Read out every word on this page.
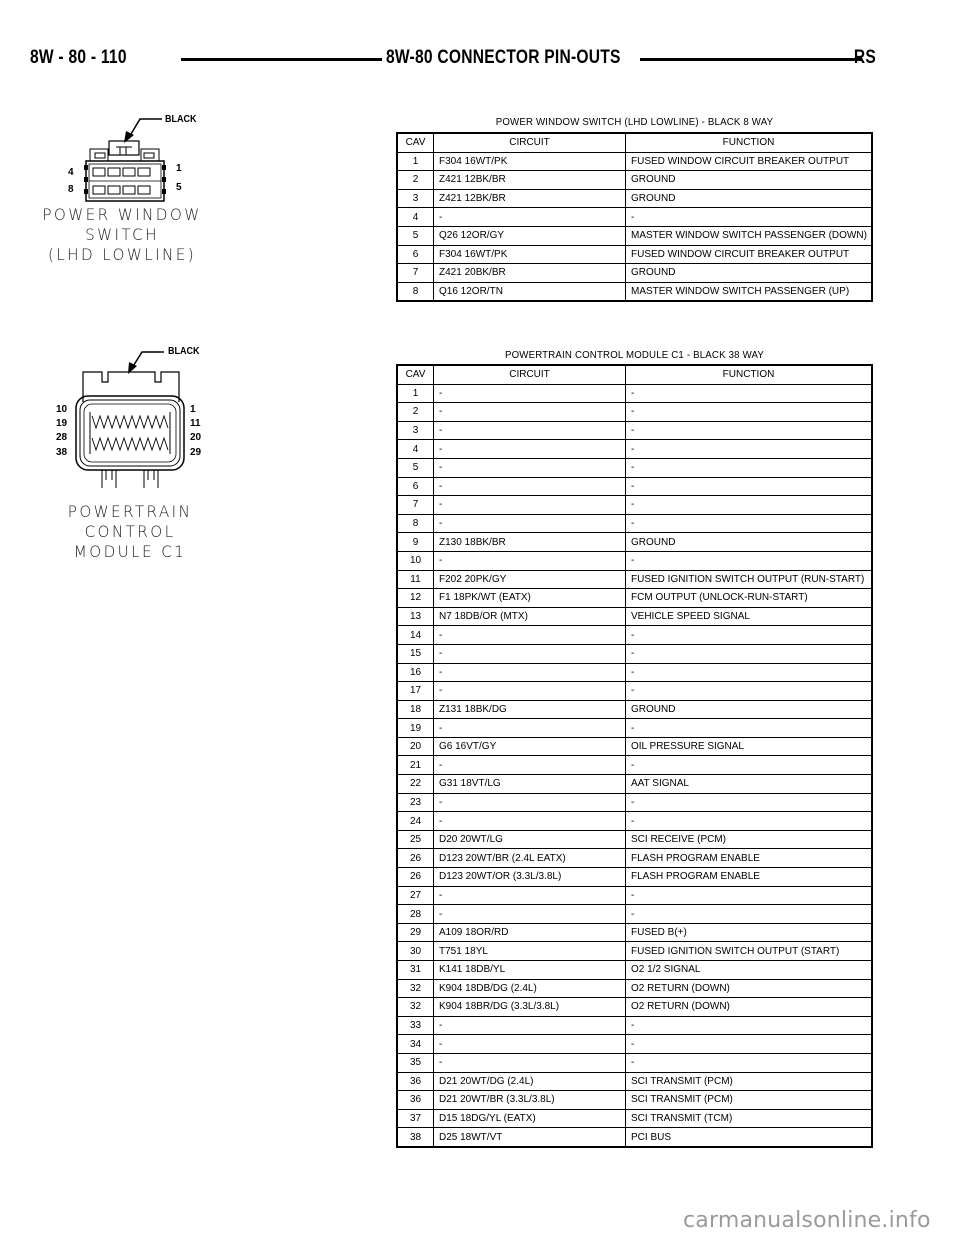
8W - 80 - 110	8W-80 CONNECTOR PIN-OUTS	RS
BLACK
4
8
1
5
POWER WINDOW
SWITCH
(LHD LOWLINE)
POWER WINDOW SWITCH (LHD LOWLINE) - BLACK 8 WAY
CAV	CIRCUIT	FUNCTION
1	F304 16WT/PK	FUSED WINDOW CIRCUIT BREAKER OUTPUT
2	Z421 12BK/BR	GROUND
3	Z421 12BK/BR	GROUND
4	-	-
5	Q26 12OR/GY	MASTER WINDOW SWITCH PASSENGER (DOWN)
6	F304 16WT/PK	FUSED WINDOW CIRCUIT BREAKER OUTPUT
7	Z421 20BK/BR	GROUND
8	Q16 12OR/TN	MASTER WINDOW SWITCH PASSENGER (UP)
BLACK
10
19
28
38
1
11
20
29
POWERTRAIN
CONTROL
MODULE C1
POWERTRAIN CONTROL MODULE C1 - BLACK 38 WAY
CAV	CIRCUIT	FUNCTION
1	-	-
2	-	-
3	-	-
4	-	-
5	-	-
6	-	-
7	-	-
8	-	-
9	Z130 18BK/BR	GROUND
10	-	-
11	F202 20PK/GY	FUSED IGNITION SWITCH OUTPUT (RUN-START)
12	F1 18PK/WT (EATX)	FCM OUTPUT (UNLOCK-RUN-START)
13	N7 18DB/OR (MTX)	VEHICLE SPEED SIGNAL
14	-	-
15	-	-
16	-	-
17	-	-
18	Z131 18BK/DG	GROUND
19	-	-
20	G6 16VT/GY	OIL PRESSURE SIGNAL
21	-	-
22	G31 18VT/LG	AAT SIGNAL
23	-	-
24	-	-
25	D20 20WT/LG	SCI RECEIVE (PCM)
26	D123 20WT/BR (2.4L EATX)	FLASH PROGRAM ENABLE
26	D123 20WT/OR (3.3L/3.8L)	FLASH PROGRAM ENABLE
27	-	-
28	-	-
29	A109 18OR/RD	FUSED B(+)
30	T751 18YL	FUSED IGNITION SWITCH OUTPUT (START)
31	K141 18DB/YL	O2 1/2 SIGNAL
32	K904 18DB/DG (2.4L)	O2 RETURN (DOWN)
32	K904 18BR/DG (3.3L/3.8L)	O2 RETURN (DOWN)
33	-	-
34	-	-
35	-	-
36	D21 20WT/DG (2.4L)	SCI TRANSMIT (PCM)
36	D21 20WT/BR (3.3L/3.8L)	SCI TRANSMIT (PCM)
37	D15 18DG/YL (EATX)	SCI TRANSMIT (TCM)
38	D25 18WT/VT	PCI BUS
carmanualsonline.info
